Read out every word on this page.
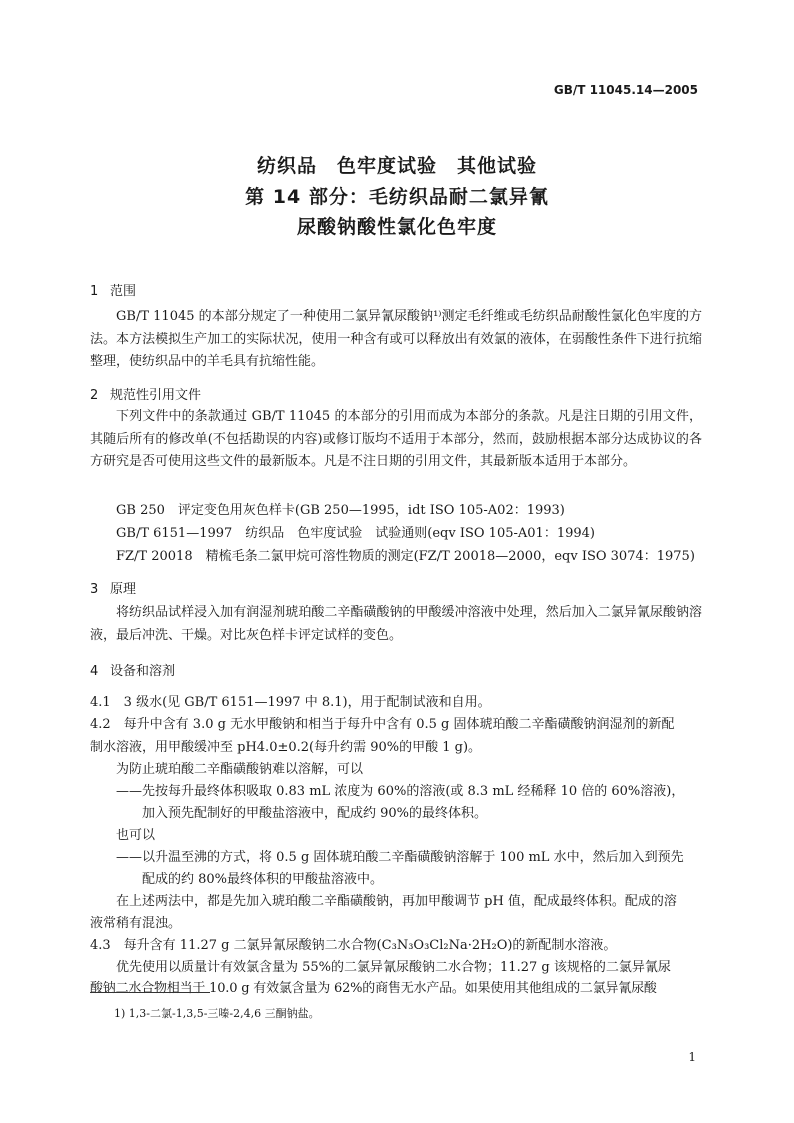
GB/T 11045.14—2005
纺织品　色牢度试验　其他试验
第 14 部分：毛纺织品耐二氯异氰
尿酸钠酸性氯化色牢度
1 范围

GB/T 11045 的本部分规定了一种使用二氯异氰尿酸钠¹⁾测定毛纤维或毛纺织品耐酸性氯化色牢度的方法。本方法模拟生产加工的实际状况，使用一种含有或可以释放出有效氯的液体，在弱酸性条件下进行抗缩整理，使纺织品中的羊毛具有抗缩性能。

2 规范性引用文件

下列文件中的条款通过 GB/T 11045 的本部分的引用而成为本部分的条款。凡是注日期的引用文件，其随后所有的修改单(不包括勘误的内容)或修订版均不适用于本部分，然而，鼓励根据本部分达成协议的各方研究是否可使用这些文件的最新版本。凡是不注日期的引用文件，其最新版本适用于本部分。

GB 250　评定变色用灰色样卡(GB 250—1995，idt ISO 105-A02：1993)
GB/T 6151—1997　纺织品　色牢度试验　试验通则(eqv ISO 105-A01：1994)
FZ/T 20018　精梳毛条二氯甲烷可溶性物质的测定(FZ/T 20018—2000，eqv ISO 3074：1975)
3 原理

将纺织品试样浸入加有润湿剂琥珀酸二辛酯磺酸钠的甲酸缓冲溶液中处理，然后加入二氯异氰尿酸钠溶液，最后冲洗、干燥。对比灰色样卡评定试样的变色。

4 设备和溶剂
4.1　3 级水(见 GB/T 6151—1997 中 8.1)，用于配制试液和自用。
4.2　每升中含有 3.0 g 无水甲酸钠和相当于每升中含有 0.5 g 固体琥珀酸二辛酯磺酸钠润湿剂的新配
制水溶液，用甲酸缓冲至 pH4.0±0.2(每升约需 90%的甲酸 1 g)。
为防止琥珀酸二辛酯磺酸钠难以溶解，可以
——先按每升最终体积吸取 0.83 mL 浓度为 60%的溶液(或 8.3 mL 经稀释 10 倍的 60%溶液)，
加入预先配制好的甲酸盐溶液中，配成约 90%的最终体积。
也可以
——以升温至沸的方式，将 0.5 g 固体琥珀酸二辛酯磺酸钠溶解于 100 mL 水中，然后加入到预先
配成的约 80%最终体积的甲酸盐溶液中。
在上述两法中，都是先加入琥珀酸二辛酯磺酸钠，再加甲酸调节 pH 值，配成最终体积。配成的溶
液常稍有混浊。
4.3　每升含有 11.27 g 二氯异氰尿酸钠二水合物(C₃N₃O₃Cl₂Na·2H₂O)的新配制水溶液。
优先使用以质量计有效氯含量为 55%的二氯异氰尿酸钠二水合物；11.27 g 该规格的二氯异氰尿
酸钠二水合物相当于 10.0 g 有效氯含量为 62%的商售无水产品。如果使用其他组成的二氯异氰尿酸
1) 1,3-二氯-1,3,5-三嗪-2,4,6 三酮钠盐。
1
